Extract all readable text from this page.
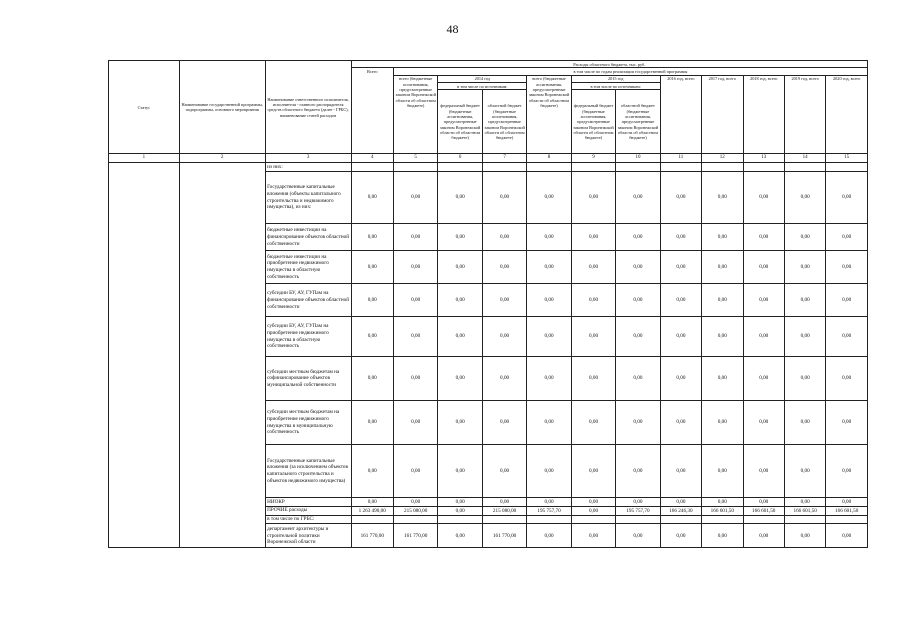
48
Статус	Наименование государственной программы, подпрограммы, основного мероприятия	Наименование ответственного исполнителя, исполнителя - главного распорядителя средств областного бюджета (далее - ГРБС), наименование статей расходов	Расходы областного бюджета, тыс. руб.											
			Всего	в том числе по годам реализации государственной программы										
				всего (бюджетные ассигнования, предусмотренные законом Воронежской области об областном бюджете)	2014 год		всего (бюджетные ассигнования, предусмотренные законом Воронежской области об областном бюджете)	2015 год		2016 год, всего	2017 год, всего	2018 год, всего	2019 год, всего	2020 год, всего
					в том числе по источникам:			в том числе по источникам:						
					федеральный бюджет (бюджетные ассигнования, предусмотренные законом Воронежской области об областном бюджете)	областной бюджет (бюджетные ассигнования, предусмотренные законом Воронежской области об областном бюджете)		федеральный бюджет (бюджетные ассигнования, предусмотренные законом Воронежской области об областном бюджете)	областной бюджет (бюджетные ассигнования, предусмотренные законом Воронежской области об областном бюджете)					
1	2	3	4	5	6	7	8	9	10	11	12	13	14	15
		из них:												
		Государственные капитальные вложения (объекты капитального строительства и недвижимого имущества), из них:	0,00	0,00	0,00	0,00	0,00	0,00	0,00	0,00	0,00	0,00	0,00	0,00
		бюджетные инвестиции на финансирование объектов областной собственности	0,00	0,00	0,00	0,00	0,00	0,00	0,00	0,00	0,00	0,00	0,00	0,00
		бюджетные инвестиции на приобретение недвижимого имущества в областную собственность	0,00	0,00	0,00	0,00	0,00	0,00	0,00	0,00	0,00	0,00	0,00	0,00
		субсидии БУ, АУ, ГУПам на финансирование объектов областной собственности	0,00	0,00	0,00	0,00	0,00	0,00	0,00	0,00	0,00	0,00	0,00	0,00
		субсидии БУ, АУ, ГУПам на приобретение недвижимого имущества в областную собственность	0,00	0,00	0,00	0,00	0,00	0,00	0,00	0,00	0,00	0,00	0,00	0,00
		субсидии местным бюджетам на софинансирование объектов муниципальной собственности	0,00	0,00	0,00	0,00	0,00	0,00	0,00	0,00	0,00	0,00	0,00	0,00
		субсидии местным бюджетам на приобретение недвижимого имущества в муниципальную собственность	0,00	0,00	0,00	0,00	0,00	0,00	0,00	0,00	0,00	0,00	0,00	0,00
		Государственные капитальные вложения (за исключением объектов капитального строительства и объектов недвижимого имущества)	0,00	0,00	0,00	0,00	0,00	0,00	0,00	0,00	0,00	0,00	0,00	0,00
		НИОКР	0,00	0,00	0,00	0,00	0,00	0,00	0,00	0,00	0,00	0,00	0,00	0,00
		ПРОЧИЕ расходы	1 263 490,00	215 080,00	0,00	215 080,00	195 757,70	0,00	195 757,70	166 246,30	166 601,50	166 601,50	166 601,50	166 601,50
		в том числе по ГРБС:												
		департамент архитектуры и строительной политики Воронежской области	161 770,00	161 770,00	0,00	161 770,00	0,00	0,00	0,00	0,00	0,00	0,00	0,00	0,00
